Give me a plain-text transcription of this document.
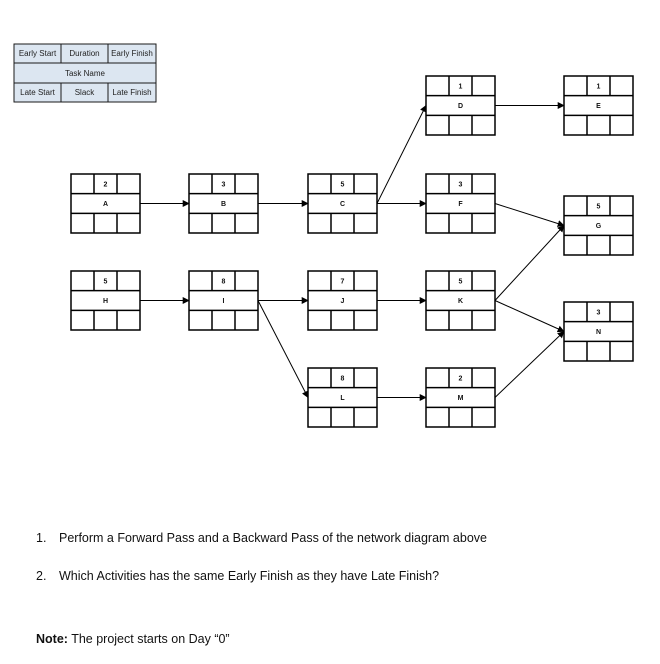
Early Start Duration Early Finish
Task Name
Late Start Slack Late Finish
2
A
3
B
5
C
1
D
1
E
3
F	5
G
5
H
8
I
7
J
5
K
8
L
2
M
3
N
1. Perform a Forward Pass and a Backward Pass of the network diagram above
2. Which Activities has the same Early Finish as they have Late Finish?
Note: The project starts on Day “0”
